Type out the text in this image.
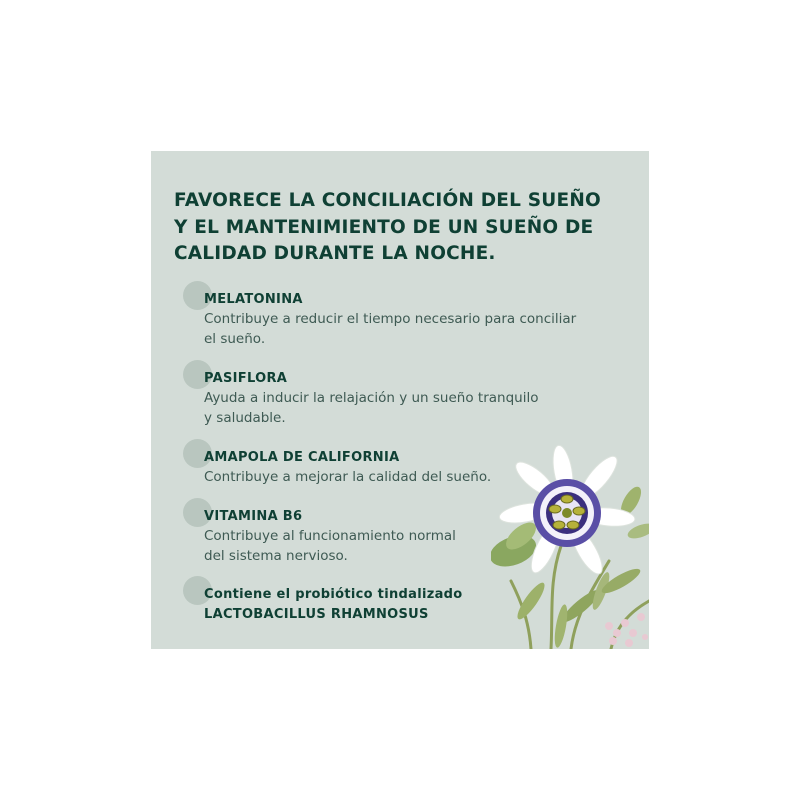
FAVORECE LA CONCILIACIÓN DEL SUEÑO
Y EL MANTENIMIENTO DE UN SUEÑO DE
CALIDAD DURANTE LA NOCHE.
MELATONINA
Contribuye a reducir el tiempo necesario para conciliar
el sueño.
PASIFLORA
Ayuda a inducir la relajación y un sueño tranquilo
y saludable.
AMAPOLA DE CALIFORNIA
Contribuye a mejorar la calidad del sueño.
VITAMINA B6
Contribuye al funcionamiento normal
del sistema nervioso.
Contiene el probiótico tindalizado
LACTOBACILLUS RHAMNOSUS
